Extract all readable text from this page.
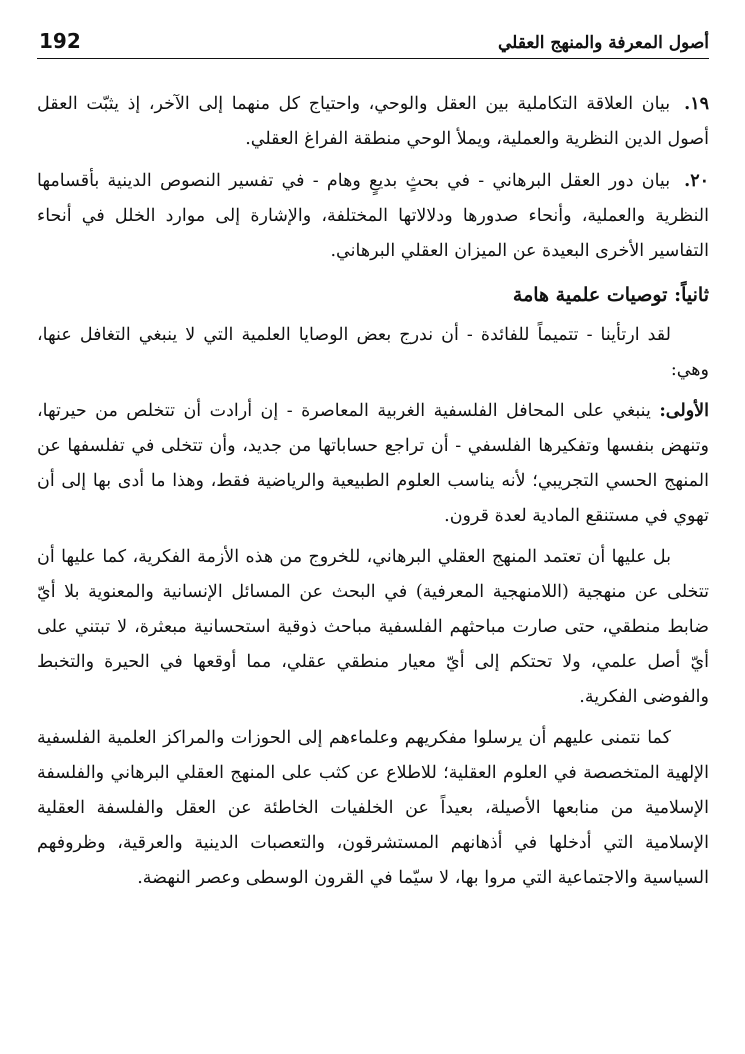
أصول المعرفة والمنهج العقلي
192
١٩.بيان العلاقة التكاملية بين العقل والوحي، واحتياج كل منهما إلى الآخر، إذ يثبّت العقل أصول الدين النظرية والعملية، ويملأ الوحي منطقة الفراغ العقلي.
٢٠.بيان دور العقل البرهاني - في بحثٍ بديعٍ وهام - في تفسير النصوص الدينية بأقسامها النظرية والعملية، وأنحاء صدورها ودلالاتها المختلفة، والإشارة إلى موارد الخلل في أنحاء التفاسير الأخرى البعيدة عن الميزان العقلي البرهاني.
ثانياً: توصيات علمية هامة

لقد ارتأينا - تتميماً للفائدة - أن ندرج بعض الوصايا العلمية التي لا ينبغي التغافل عنها، وهي:

الأولى: ينبغي على المحافل الفلسفية الغربية المعاصرة - إن أرادت أن تتخلص من حيرتها، وتنهض بنفسها وتفكيرها الفلسفي - أن تراجع حساباتها من جديد، وأن تتخلى في تفلسفها عن المنهج الحسي التجريبي؛ لأنه يناسب العلوم الطبيعية والرياضية فقط، وهذا ما أدى بها إلى أن تهوي في مستنقع المادية لعدة قرون.

بل عليها أن تعتمد المنهج العقلي البرهاني، للخروج من هذه الأزمة الفكرية، كما عليها أن تتخلى عن منهجية (اللامنهجية المعرفية) في البحث عن المسائل الإنسانية والمعنوية بلا أيّ ضابط منطقي، حتى صارت مباحثهم الفلسفية مباحث ذوقية استحسانية مبعثرة، لا تبتني على أيّ أصل علمي، ولا تحتكم إلى أيّ معيار منطقي عقلي، مما أوقعها في الحيرة والتخبط والفوضى الفكرية.

كما نتمنى عليهم أن يرسلوا مفكريهم وعلماءهم إلى الحوزات والمراكز العلمية الفلسفية الإلهية المتخصصة في العلوم العقلية؛ للاطلاع عن كثب على المنهج العقلي البرهاني والفلسفة الإسلامية من منابعها الأصيلة، بعيداً عن الخلفيات الخاطئة عن العقل والفلسفة العقلية الإسلامية التي أدخلها في أذهانهم المستشرقون، والتعصبات الدينية والعرقية، وظروفهم السياسية والاجتماعية التي مروا بها، لا سيّما في القرون الوسطى وعصر النهضة.
